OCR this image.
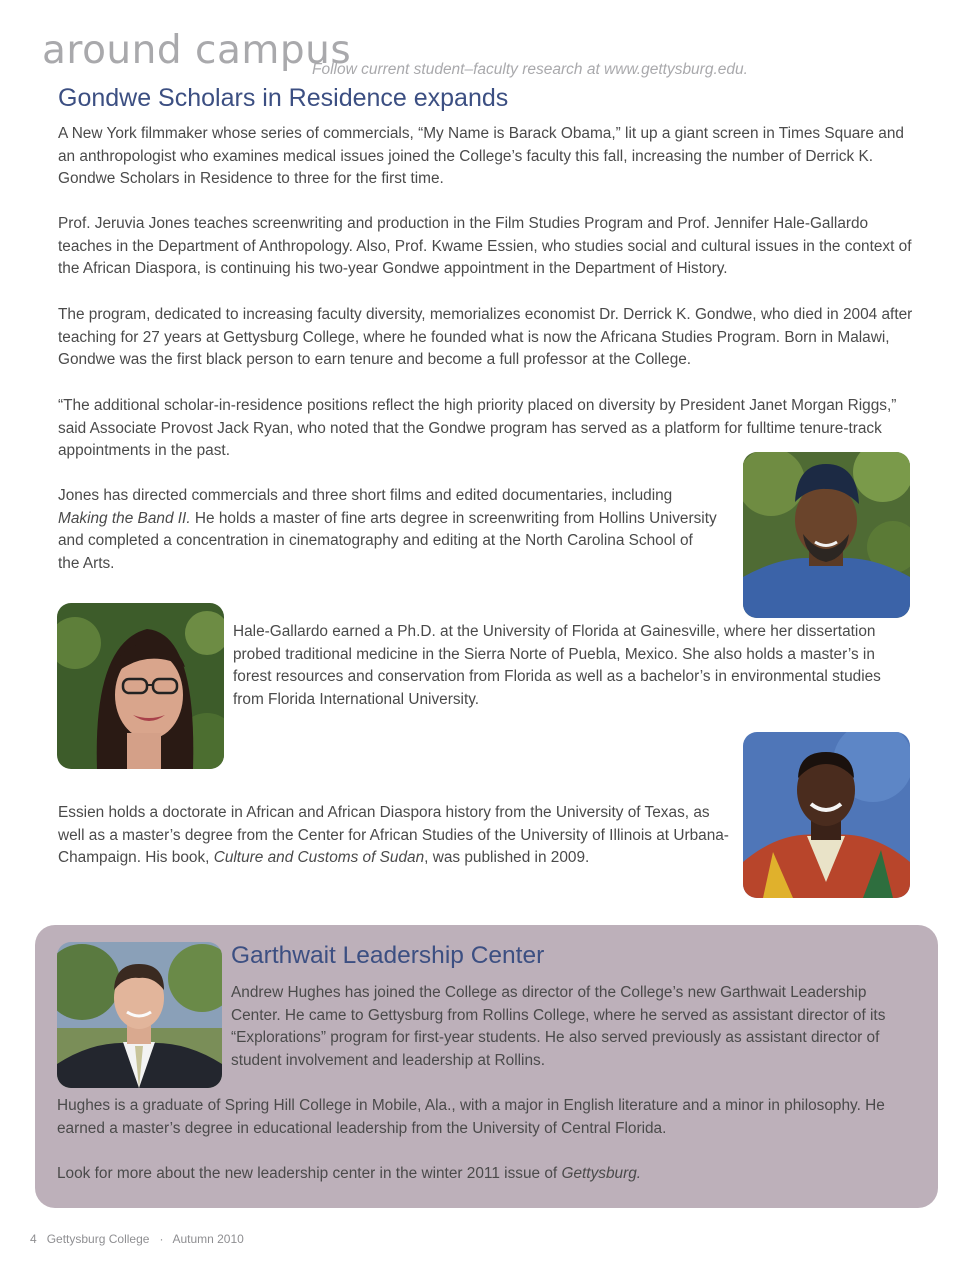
around campus
Follow current student–faculty research at www.gettysburg.edu.
Gondwe Scholars in Residence expands

A New York filmmaker whose series of commercials, “My Name is Barack Obama,” lit up a giant screen in Times Square and an anthropologist who examines medical issues joined the College’s faculty this fall, increasing the number of Derrick K. Gondwe Scholars in Residence to three for the first time.

Prof. Jeruvia Jones teaches screenwriting and production in the Film Studies Program and Prof. Jennifer Hale-Gallardo teaches in the Department of Anthropology. Also, Prof. Kwame Essien, who studies social and cultural issues in the context of the African Diaspora, is continuing his two-year Gondwe appointment in the Department of History.

The program, dedicated to increasing faculty diversity, memorializes economist Dr. Derrick K. Gondwe, who died in 2004 after teaching for 27 years at Gettysburg College, where he founded what is now the Africana Studies Program. Born in Malawi, Gondwe was the first black person to earn tenure and become a full professor at the College.

“The additional scholar-in-residence positions reflect the high priority placed on diversity by President Janet Morgan Riggs,” said Associate Provost Jack Ryan, who noted that the Gondwe program has served as a platform for fulltime tenure-track appointments in the past.

Jones has directed commercials and three short films and edited documentaries, including Making the Band II. He holds a master of fine arts degree in screenwriting from Hollins University and completed a concentration in cinematography and editing at the North Carolina School of the Arts.

Hale-Gallardo earned a Ph.D. at the University of Florida at Gainesville, where her dissertation probed traditional medicine in the Sierra Norte of Puebla, Mexico. She also holds a master’s in forest resources and conservation from Florida as well as a bachelor’s in environmental studies from Florida International University.

Essien holds a doctorate in African and African Diaspora history from the University of Texas, as well as a master’s degree from the Center for African Studies of the University of Illinois at Urbana-Champaign. His book, Culture and Customs of Sudan, was published in 2009.

Garthwait Leadership Center

Andrew Hughes has joined the College as director of the College’s new Garthwait Leadership Center. He came to Gettysburg from Rollins College, where he served as assistant director of its “Explorations” program for first-year students. He also served previously as assistant director of student involvement and leadership at Rollins.

Hughes is a graduate of Spring Hill College in Mobile, Ala., with a major in English literature and a minor in philosophy. He earned a master’s degree in educational leadership from the University of Central Florida.

Look for more about the new leadership center in the winter 2011 issue of Gettysburg.

4 Gettysburg College · Autumn 2010
